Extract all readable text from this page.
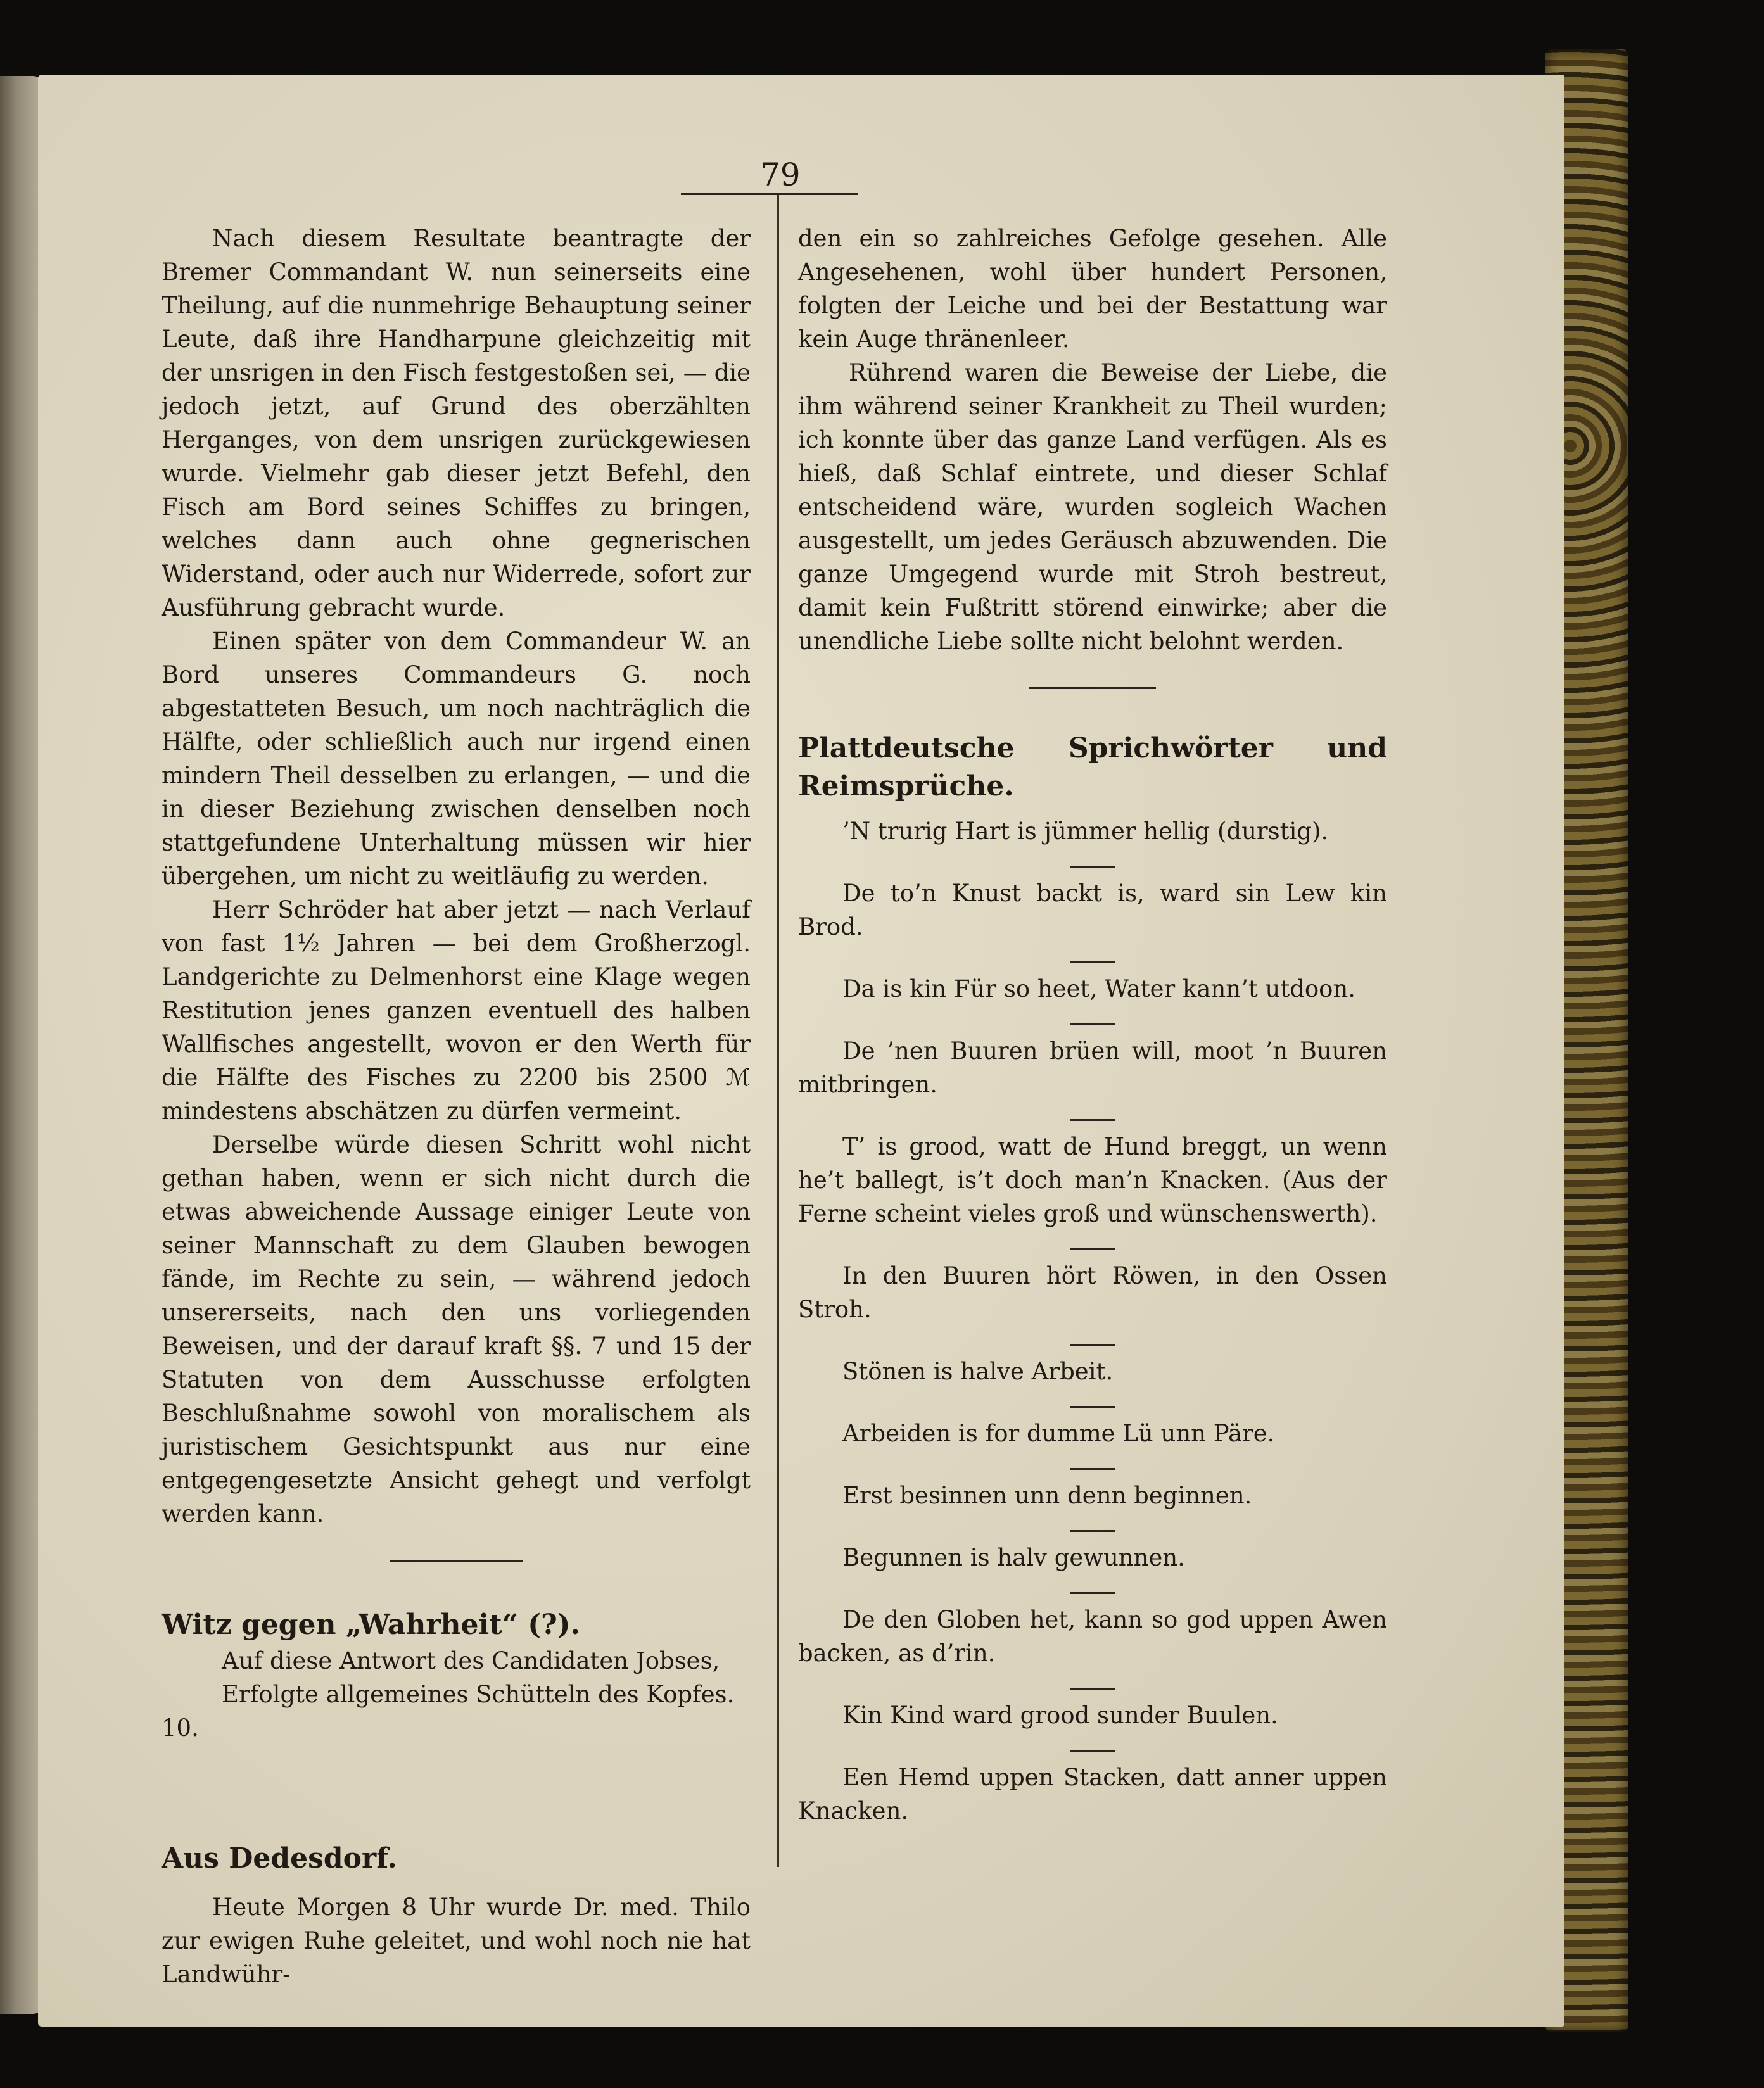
79

Nach diesem Resultate beantragte der Bremer Commandant W. nun seinerseits eine Theilung, auf die nunmehrige Behauptung seiner Leute, daß ihre Handharpune gleichzeitig mit der unsrigen in den Fisch festgestoßen sei, — die jedoch jetzt, auf Grund des oberzählten Herganges, von dem unsrigen zurückgewiesen wurde. Vielmehr gab dieser jetzt Befehl, den Fisch am Bord seines Schiffes zu bringen, welches dann auch ohne gegnerischen Widerstand, oder auch nur Widerrede, sofort zur Ausführung gebracht wurde.

Einen später von dem Commandeur W. an Bord unseres Commandeurs G. noch abgestatteten Besuch, um noch nachträglich die Hälfte, oder schließlich auch nur irgend einen mindern Theil desselben zu erlangen, — und die in dieser Beziehung zwischen denselben noch stattgefundene Unterhaltung müssen wir hier übergehen, um nicht zu weitläufig zu werden.

Herr Schröder hat aber jetzt — nach Verlauf von fast 1½ Jahren — bei dem Großherzogl. Landgerichte zu Delmenhorst eine Klage wegen Restitution jenes ganzen eventuell des halben Wallfisches angestellt, wovon er den Werth für die Hälfte des Fisches zu 2200 bis 2500 ℳ mindestens abschätzen zu dürfen vermeint.

Derselbe würde diesen Schritt wohl nicht gethan haben, wenn er sich nicht durch die etwas abweichende Aussage einiger Leute von seiner Mannschaft zu dem Glauben bewogen fände, im Rechte zu sein, — während jedoch unsererseits, nach den uns vorliegenden Beweisen, und der darauf kraft §§. 7 und 15 der Statuten von dem Ausschusse erfolgten Beschlußnahme sowohl von moralischem als juristischem Gesichtspunkt aus nur eine entgegengesetzte Ansicht gehegt und verfolgt werden kann.

Witz gegen „Wahrheit“ (?).

Auf diese Antwort des Candidaten Jobses,

Erfolgte allgemeines Schütteln des Kopfes.

10.

Aus Dedesdorf.

Heute Morgen 8 Uhr wurde Dr. med. Thilo zur ewigen Ruhe geleitet, und wohl noch nie hat Landwühr-

den ein so zahlreiches Gefolge gesehen. Alle Angesehenen, wohl über hundert Personen, folgten der Leiche und bei der Bestattung war kein Auge thränenleer.

Rührend waren die Beweise der Liebe, die ihm während seiner Krankheit zu Theil wurden; ich konnte über das ganze Land verfügen. Als es hieß, daß Schlaf eintrete, und dieser Schlaf entscheidend wäre, wurden sogleich Wachen ausgestellt, um jedes Geräusch abzuwenden. Die ganze Umgegend wurde mit Stroh bestreut, damit kein Fußtritt störend einwirke; aber die unendliche Liebe sollte nicht belohnt werden.

Plattdeutsche Sprichwörter und Reimsprüche.

’N trurig Hart is jümmer hellig (durstig).

De to’n Knust backt is, ward sin Lew kin Brod.

Da is kin Für so heet, Water kann’t utdoon.

De ’nen Buuren brüen will, moot ’n Buuren mitbringen.

T’ is grood, watt de Hund breggt, un wenn he’t ballegt, is’t doch man’n Knacken. (Aus der Ferne scheint vieles groß und wünschenswerth).

In den Buuren hört Röwen, in den Ossen Stroh.

Stönen is halve Arbeit.

Arbeiden is for dumme Lü unn Päre.

Erst besinnen unn denn beginnen.

Begunnen is halv gewunnen.

De den Globen het, kann so god uppen Awen backen, as d’rin.

Kin Kind ward grood sunder Buulen.

Een Hemd uppen Stacken, datt anner uppen Knacken.
